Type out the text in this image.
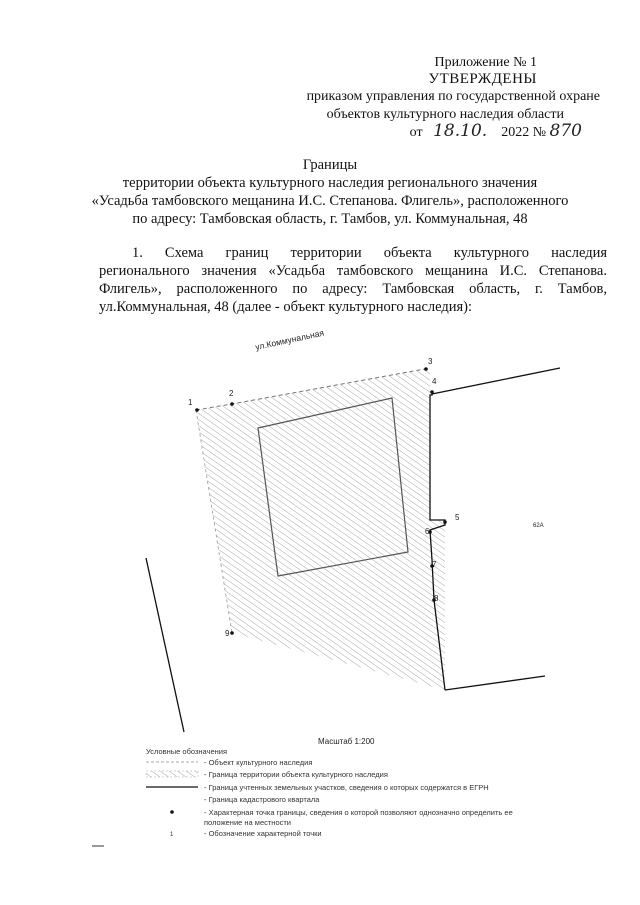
Приложение № 1
УТВЕРЖДЕНЫ
приказом управления по государственной охране
объектов культурного наследия области
от 18.10. 2022 № 870
Границы
территории объекта культурного наследия регионального значения
«Усадьба тамбовского мещанина И.С. Степанова. Флигель», расположенного
по адресу: Тамбовская область, г. Тамбов, ул. Коммунальная, 48
1. Схема границ территории объекта культурного наследия
регионального значения «Усадьба тамбовского мещанина И.С. Степанова.
Флигель», расположенного по адресу: Тамбовская область, г. Тамбов,
ул.Коммунальная, 48 (далее - объект культурного наследия):
1
2
3
4
5
6
7
8
9
ул.Коммунальная
62А
Масштаб 1:200
Условные обозначения
- Объект культурного наследия
- Граница территории объекта культурного наследия
- Граница учтенных земельных участков, сведения о которых содержатся в ЕГРН
- Граница кадастрового квартала
- Характерная точка границы, сведения о которой позволяют однозначно определить ее
положение на местности
1	- Обозначение характерной точки
